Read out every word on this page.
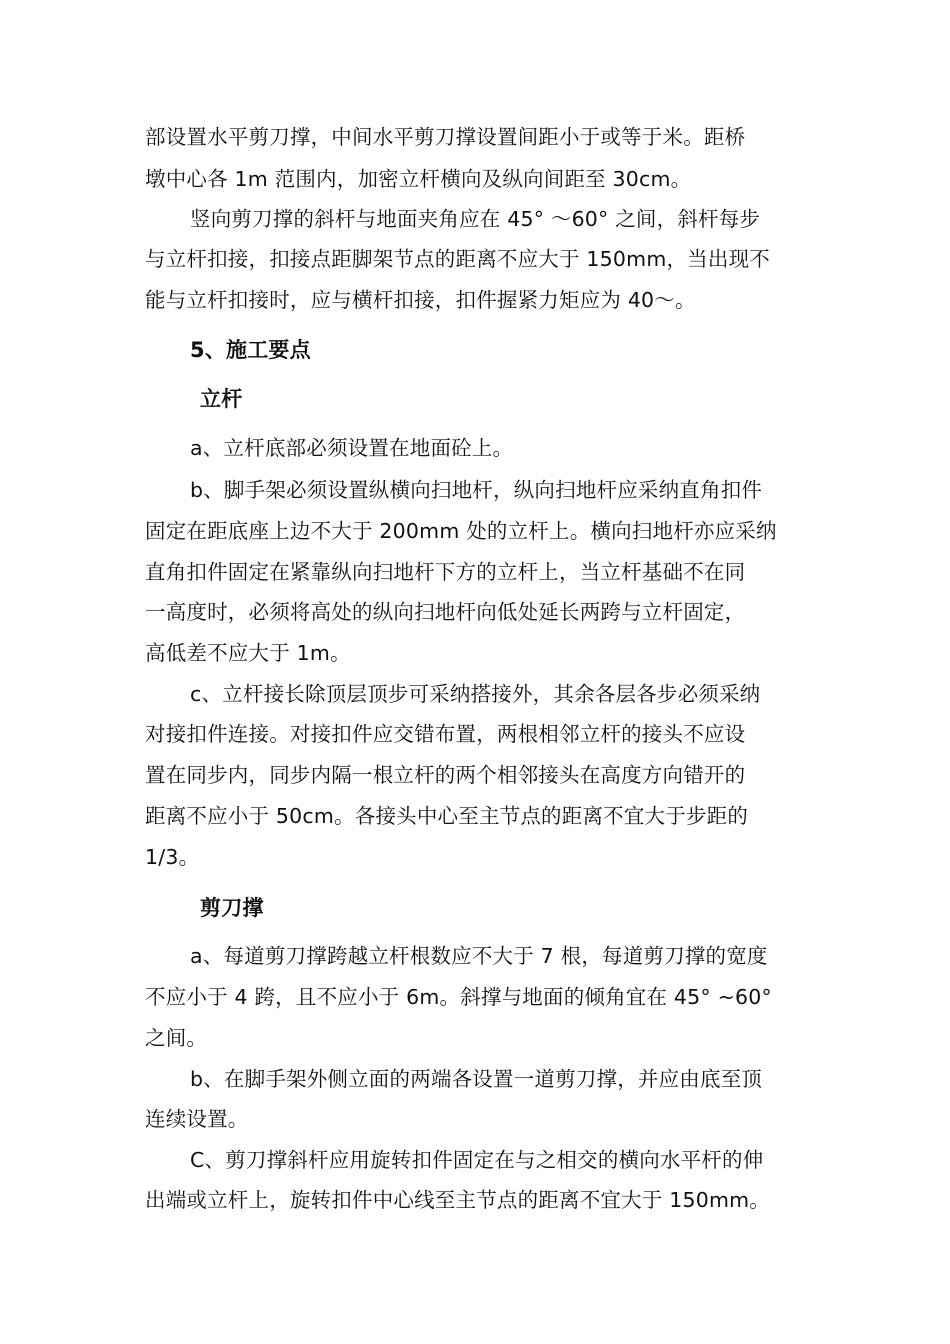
部设置水平剪刀撑，中间水平剪刀撑设置间距小于或等于米。距桥
墩中心各 1m 范围内，加密立杆横向及纵向间距至 30cm。
竖向剪刀撑的斜杆与地面夹角应在 45° ～60° 之间，斜杆每步
与立杆扣接，扣接点距脚架节点的距离不应大于 150mm，当出现不
能与立杆扣接时，应与横杆扣接，扣件握紧力矩应为 40～。
5、施工要点
立杆
a、立杆底部必须设置在地面砼上。
b、脚手架必须设置纵横向扫地杆，纵向扫地杆应采纳直角扣件
固定在距底座上边不大于 200mm 处的立杆上。横向扫地杆亦应采纳
直角扣件固定在紧靠纵向扫地杆下方的立杆上，当立杆基础不在同
一高度时，必须将高处的纵向扫地杆向低处延长两跨与立杆固定，
高低差不应大于 1m。
c、立杆接长除顶层顶步可采纳搭接外，其余各层各步必须采纳
对接扣件连接。对接扣件应交错布置，两根相邻立杆的接头不应设
置在同步内，同步内隔一根立杆的两个相邻接头在高度方向错开的
距离不应小于 50cm。各接头中心至主节点的距离不宜大于步距的
1/3。
剪刀撑
a、每道剪刀撑跨越立杆根数应不大于 7 根，每道剪刀撑的宽度
不应小于 4 跨，且不应小于 6m。斜撑与地面的倾角宜在 45° ~60°
之间。
b、在脚手架外侧立面的两端各设置一道剪刀撑，并应由底至顶
连续设置。
C、剪刀撑斜杆应用旋转扣件固定在与之相交的横向水平杆的伸
出端或立杆上，旋转扣件中心线至主节点的距离不宜大于 150mm。
